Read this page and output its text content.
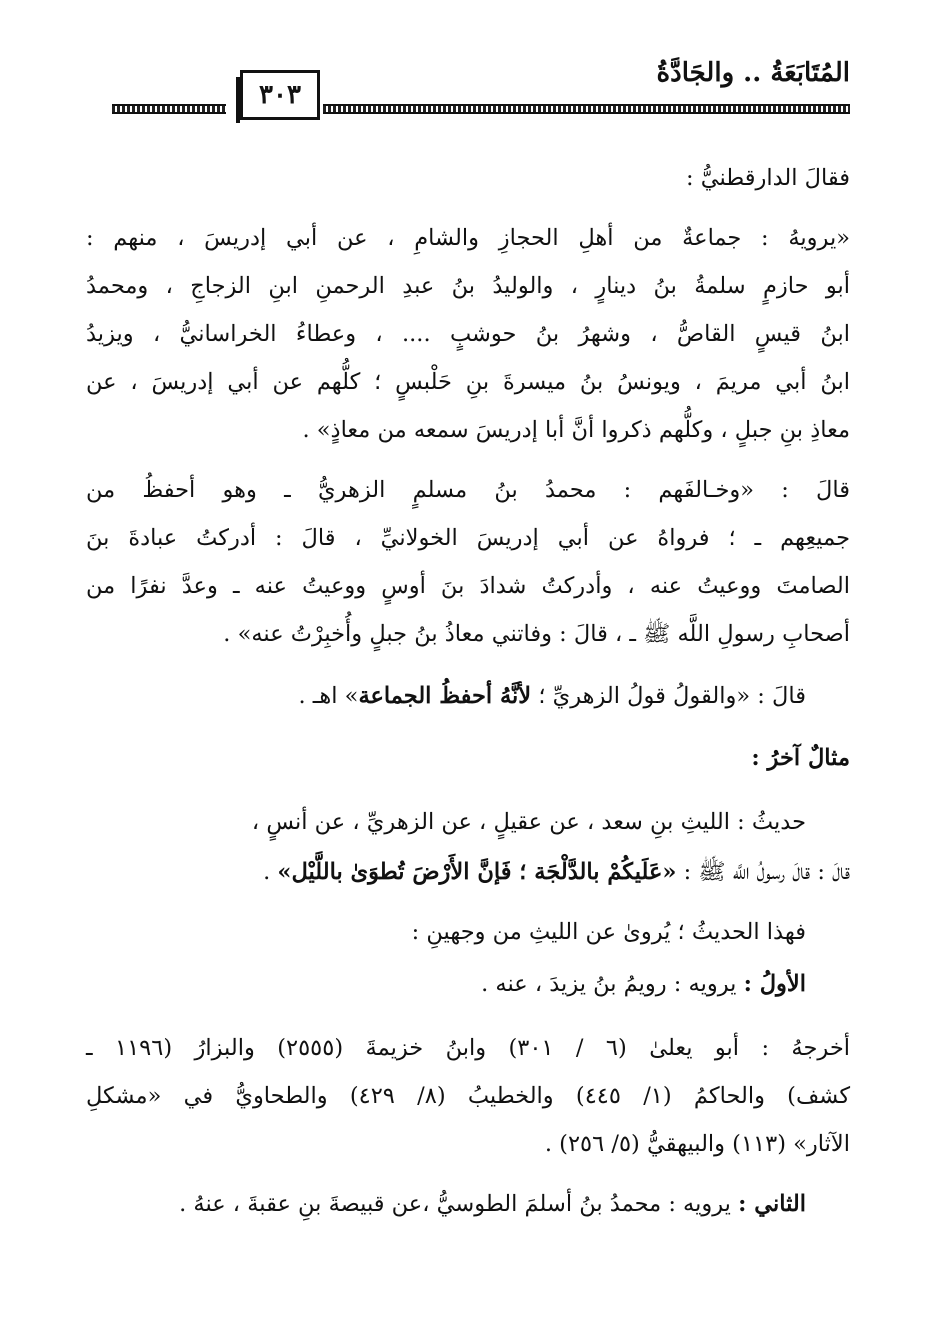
المُتَابَعَةُ .. والجَادَّةُ
٣٠٣
فقالَ الدارقطنيُّ :
«يرويهُ : جماعةٌ من أهلِ الحجازِ والشامِ ، عن أبي إدريسَ ، منهم :
أبو حازمٍ سلمةُ بنُ دينارٍ ، والوليدُ بنُ عبدِ الرحمنِ ابنِ الزجاجِ ، ومحمدُ
ابنُ قيسٍ القاصُّ ، وشهرُ بنُ حوشبٍ .... ، وعطاءُ الخراسانيُّ ، ويزيدُ
ابنُ أبي مريمَ ، ويونسُ بنُ ميسرةَ بنِ حَلْبسٍ ؛ كلُّهم عن أبي إدريسَ ، عن
معاذِ بنِ جبلٍ ، وكلُّهم ذكروا أنَّ أبا إدريسَ سمعه من معاذٍ» .
قالَ : «وخـالفَهم : محمدُ بنُ مسلمٍ الزهريُّ ـ وهو أحفظُ من
جميعِهم ـ ؛ فرواهُ عن أبي إدريسَ الخولانيِّ ، قالَ : أدركتُ عبادةَ بنَ
الصامتَ ووعيتُ عنه ، وأدركتُ شدادَ بنَ أوسٍ ووعيتُ عنه ـ وعدَّ نفرًا من
أصحابِ رسولِ اللَّه ﷺ ـ ، قالَ : وفاتني معاذُ بنُ جبلٍ وأُخبِرْتُ عنه» .
قالَ : «والقولُ قولُ الزهريِّ ؛ لأنَّهُ أحفظُ الجماعة» اهـ .
مثالٌ آخرُ :
حديثُ : الليثِ بنِ سعد ، عن عقيلٍ ، عن الزهريِّ ، عن أنسٍ ،
قالَ : قالَ رسولُ اللَّه ﷺ : «عَلَيكُمْ بالدَّلْجَة ؛ فَإنَّ الأَرْضَ تُطوَىٰ باللَّيْل» .
فهذا الحديثُ ؛ يُروىٰ عن الليثِ من وجهينِ :
الأولُ : يرويه : رويمُ بنُ يزيدَ ، عنه .
أخرجهُ : أبو يعلىٰ (٦ / ٣٠١) وابنُ خزيمةَ (٢٥٥٥) والبزارُ (١١٩٦ ـ
كشف) والحاكمُ (١/ ٤٤٥) والخطيبُ (٨/ ٤٢٩) والطحاويُّ في «مشكلِ
الآثار» (١١٣) والبيهقيُّ (٥/ ٢٥٦) .
الثاني : يرويه : محمدُ بنُ أسلمَ الطوسيُّ ،عن قبيصةَ بنِ عقبةَ ، عنهُ .
